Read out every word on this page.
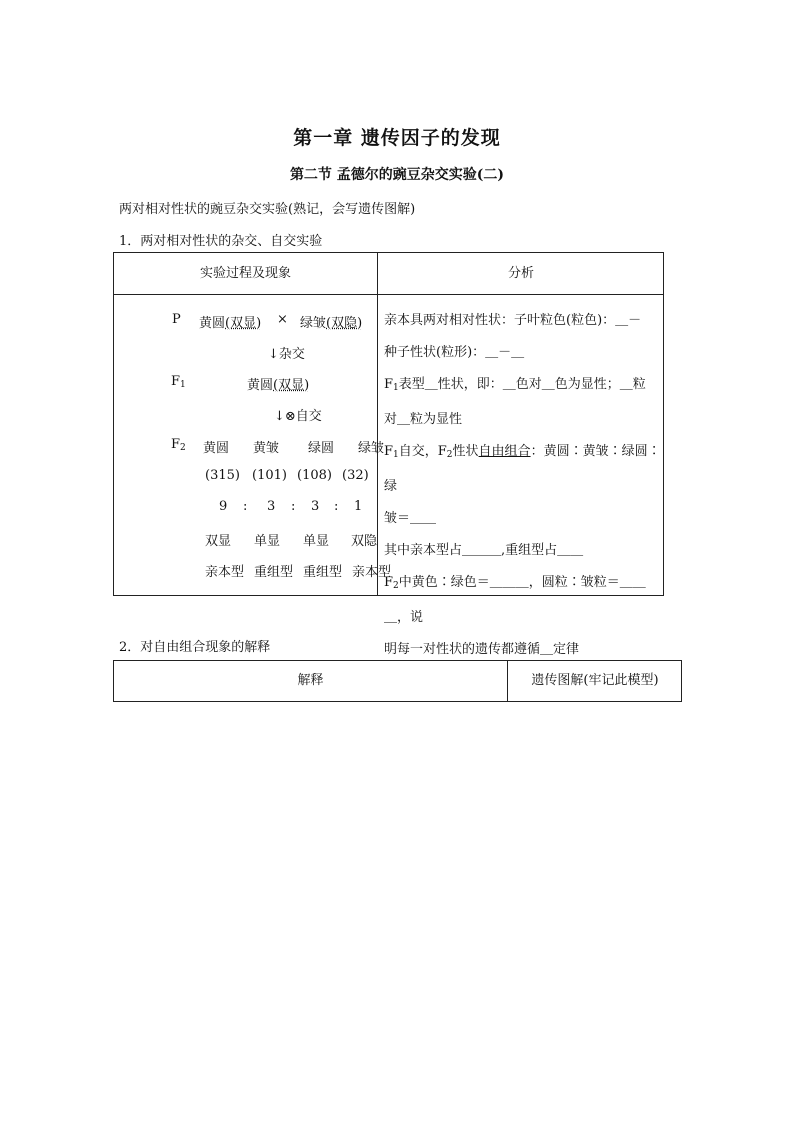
第一章 遗传因子的发现
第二节 孟德尔的豌豆杂交实验(二)
两对相对性状的豌豆杂交实验(熟记，会写遗传图解)
1．两对相对性状的杂交、自交实验
实验过程及现象	分析
P 黄圆(双显) × 绿皱(双隐)
↓杂交
$F_1$	黄圆(双显)
↓⊗自交
$F_2$ 黄圆 黄皱 绿圆 绿皱
(315) (101) (108) (32)
9 : 3 : 3 : 1
双显 单显 单显 双隐
亲本型 重组型 重组型 亲本型

亲本具两对相对性状：子叶粒色(粒色)：＿－

种子性状(粒形)：＿－＿

$F_1$表型＿性状，即：＿色对＿色为显性；＿粒

对＿粒为显性

$F_1$自交，$F_2$性状自由组合：黄圆∶黄皱∶绿圆∶绿

皱＝＿＿

其中亲本型占＿＿＿,重组型占＿＿

$F_2$中黄色∶绿色＝＿＿＿，圆粒∶皱粒＝＿＿＿，说

明每一对性状的遗传都遵循＿定律

2．对自由组合现象的解释
解释	遗传图解(牢记此模型)
